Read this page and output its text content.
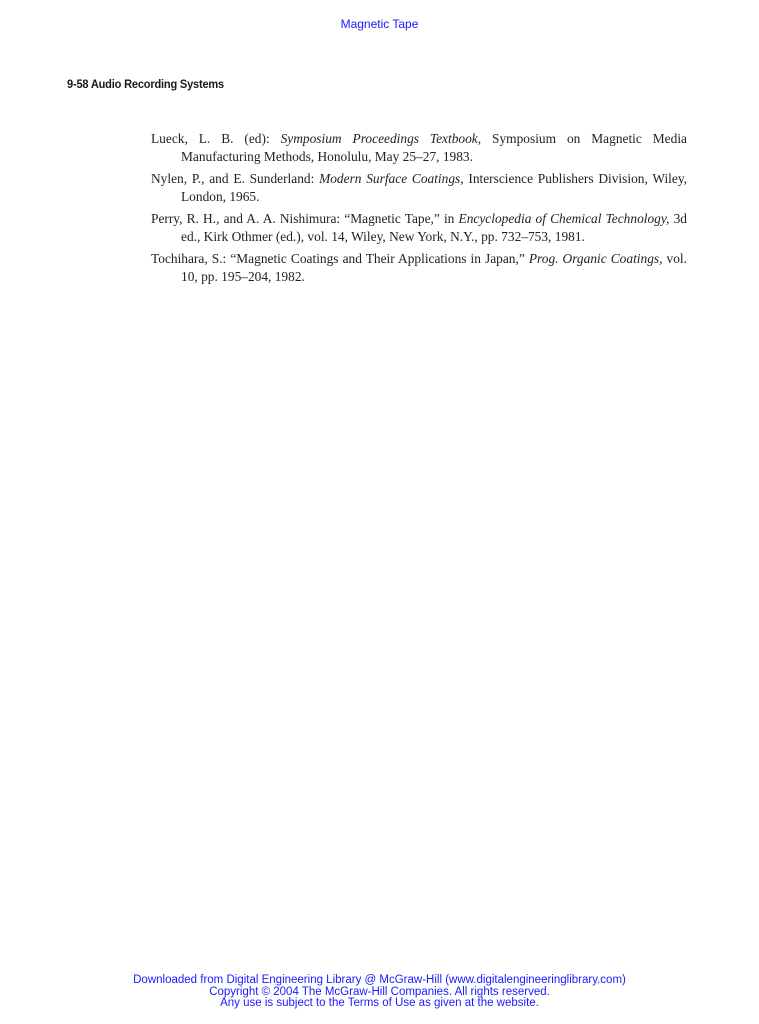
Magnetic Tape
9-58 Audio Recording Systems

Lueck, L. B. (ed): Symposium Proceedings Textbook, Symposium on Magnetic Media Manufacturing Methods, Honolulu, May 25–27, 1983.

Nylen, P., and E. Sunderland: Modern Surface Coatings, Interscience Publishers Division, Wiley, London, 1965.

Perry, R. H., and A. A. Nishimura: “Magnetic Tape,” in Encyclopedia of Chemical Technology, 3d ed., Kirk Othmer (ed.), vol. 14, Wiley, New York, N.Y., pp. 732–753, 1981.

Tochihara, S.: “Magnetic Coatings and Their Applications in Japan,” Prog. Organic Coatings, vol. 10, pp. 195–204, 1982.

Downloaded from Digital Engineering Library @ McGraw-Hill (www.digitalengineeringlibrary.com)
Copyright © 2004 The McGraw-Hill Companies. All rights reserved.
Any use is subject to the Terms of Use as given at the website.
